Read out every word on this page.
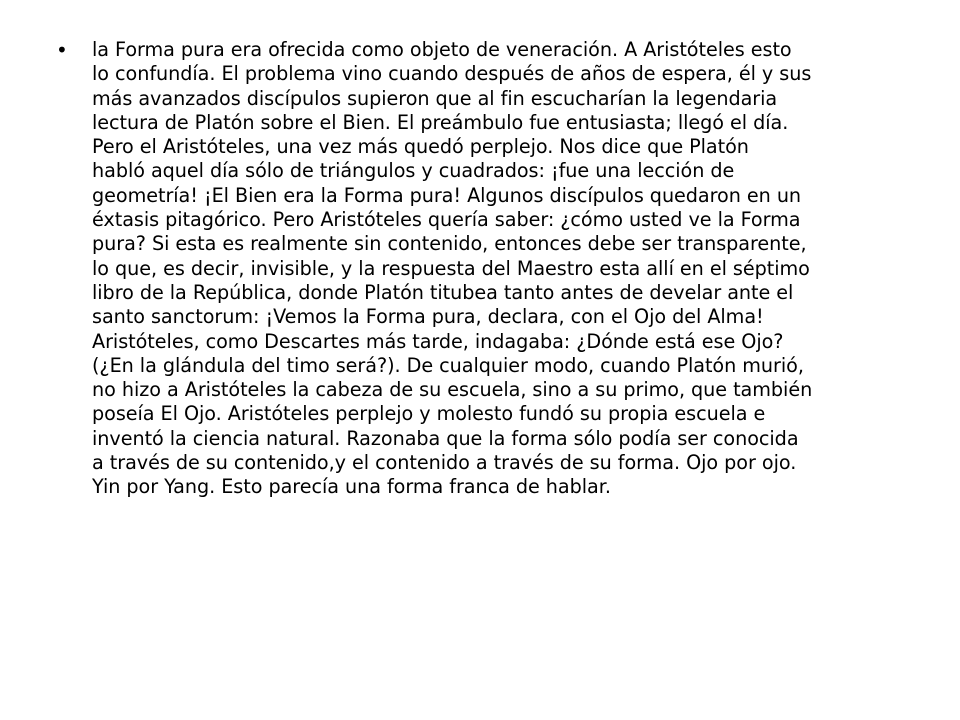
• la Forma pura era ofrecida como objeto de veneración. A Aristóteles esto
lo confundía. El problema vino cuando después de años de espera, él y sus
más avanzados discípulos supieron que al fin escucharían la legendaria
lectura de Platón sobre el Bien. El preámbulo fue entusiasta; llegó el día.
Pero el Aristóteles, una vez más quedó perplejo. Nos dice que Platón
habló aquel día sólo de triángulos y cuadrados: ¡fue una lección de
geometría! ¡El Bien era la Forma pura! Algunos discípulos quedaron en un
éxtasis pitagórico. Pero Aristóteles quería saber: ¿cómo usted ve la Forma
pura? Si esta es realmente sin contenido, entonces debe ser transparente,
lo que, es decir, invisible, y la respuesta del Maestro esta allí en el séptimo
libro de la República, donde Platón titubea tanto antes de develar ante el
santo sanctorum: ¡Vemos la Forma pura, declara, con el Ojo del Alma!
Aristóteles, como Descartes más tarde, indagaba: ¿Dónde está ese Ojo?
(¿En la glándula del timo será?). De cualquier modo, cuando Platón murió,
no hizo a Aristóteles la cabeza de su escuela, sino a su primo, que también
poseía El Ojo. Aristóteles perplejo y molesto fundó su propia escuela e
inventó la ciencia natural. Razonaba que la forma sólo podía ser conocida
a través de su contenido,y el contenido a través de su forma. Ojo por ojo.
Yin por Yang. Esto parecía una forma franca de hablar.
